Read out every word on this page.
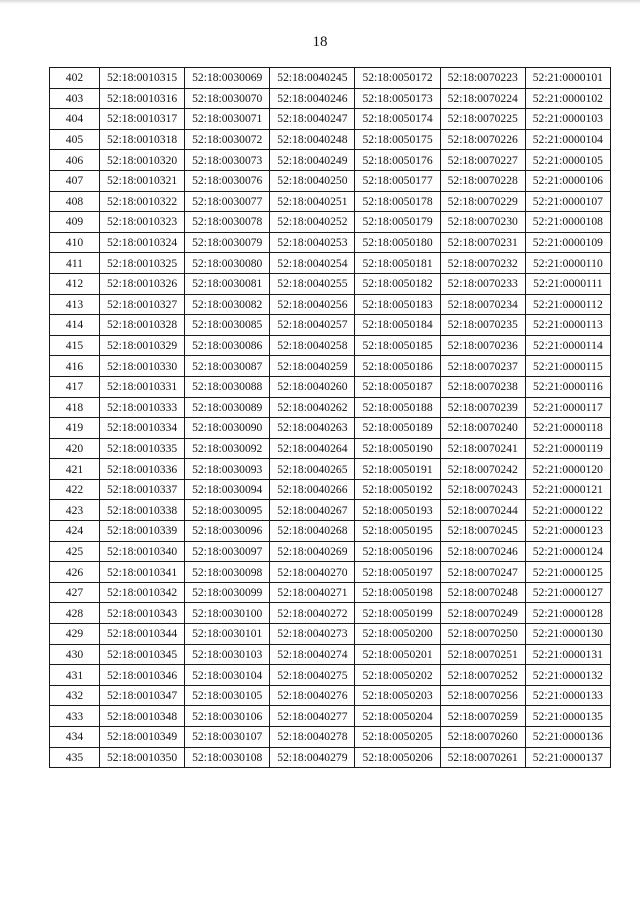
18
402	52:18:0010315	52:18:0030069	52:18:0040245	52:18:0050172	52:18:0070223	52:21:0000101
403	52:18:0010316	52:18:0030070	52:18:0040246	52:18:0050173	52:18:0070224	52:21:0000102
404	52:18:0010317	52:18:0030071	52:18:0040247	52:18:0050174	52:18:0070225	52:21:0000103
405	52:18:0010318	52:18:0030072	52:18:0040248	52:18:0050175	52:18:0070226	52:21:0000104
406	52:18:0010320	52:18:0030073	52:18:0040249	52:18:0050176	52:18:0070227	52:21:0000105
407	52:18:0010321	52:18:0030076	52:18:0040250	52:18:0050177	52:18:0070228	52:21:0000106
408	52:18:0010322	52:18:0030077	52:18:0040251	52:18:0050178	52:18:0070229	52:21:0000107
409	52:18:0010323	52:18:0030078	52:18:0040252	52:18:0050179	52:18:0070230	52:21:0000108
410	52:18:0010324	52:18:0030079	52:18:0040253	52:18:0050180	52:18:0070231	52:21:0000109
411	52:18:0010325	52:18:0030080	52:18:0040254	52:18:0050181	52:18:0070232	52:21:0000110
412	52:18:0010326	52:18:0030081	52:18:0040255	52:18:0050182	52:18:0070233	52:21:0000111
413	52:18:0010327	52:18:0030082	52:18:0040256	52:18:0050183	52:18:0070234	52:21:0000112
414	52:18:0010328	52:18:0030085	52:18:0040257	52:18:0050184	52:18:0070235	52:21:0000113
415	52:18:0010329	52:18:0030086	52:18:0040258	52:18:0050185	52:18:0070236	52:21:0000114
416	52:18:0010330	52:18:0030087	52:18:0040259	52:18:0050186	52:18:0070237	52:21:0000115
417	52:18:0010331	52:18:0030088	52:18:0040260	52:18:0050187	52:18:0070238	52:21:0000116
418	52:18:0010333	52:18:0030089	52:18:0040262	52:18:0050188	52:18:0070239	52:21:0000117
419	52:18:0010334	52:18:0030090	52:18:0040263	52:18:0050189	52:18:0070240	52:21:0000118
420	52:18:0010335	52:18:0030092	52:18:0040264	52:18:0050190	52:18:0070241	52:21:0000119
421	52:18:0010336	52:18:0030093	52:18:0040265	52:18:0050191	52:18:0070242	52:21:0000120
422	52:18:0010337	52:18:0030094	52:18:0040266	52:18:0050192	52:18:0070243	52:21:0000121
423	52:18:0010338	52:18:0030095	52:18:0040267	52:18:0050193	52:18:0070244	52:21:0000122
424	52:18:0010339	52:18:0030096	52:18:0040268	52:18:0050195	52:18:0070245	52:21:0000123
425	52:18:0010340	52:18:0030097	52:18:0040269	52:18:0050196	52:18:0070246	52:21:0000124
426	52:18:0010341	52:18:0030098	52:18:0040270	52:18:0050197	52:18:0070247	52:21:0000125
427	52:18:0010342	52:18:0030099	52:18:0040271	52:18:0050198	52:18:0070248	52:21:0000127
428	52:18:0010343	52:18:0030100	52:18:0040272	52:18:0050199	52:18:0070249	52:21:0000128
429	52:18:0010344	52:18:0030101	52:18:0040273	52:18:0050200	52:18:0070250	52:21:0000130
430	52:18:0010345	52:18:0030103	52:18:0040274	52:18:0050201	52:18:0070251	52:21:0000131
431	52:18:0010346	52:18:0030104	52:18:0040275	52:18:0050202	52:18:0070252	52:21:0000132
432	52:18:0010347	52:18:0030105	52:18:0040276	52:18:0050203	52:18:0070256	52:21:0000133
433	52:18:0010348	52:18:0030106	52:18:0040277	52:18:0050204	52:18:0070259	52:21:0000135
434	52:18:0010349	52:18:0030107	52:18:0040278	52:18:0050205	52:18:0070260	52:21:0000136
435	52:18:0010350	52:18:0030108	52:18:0040279	52:18:0050206	52:18:0070261	52:21:0000137
